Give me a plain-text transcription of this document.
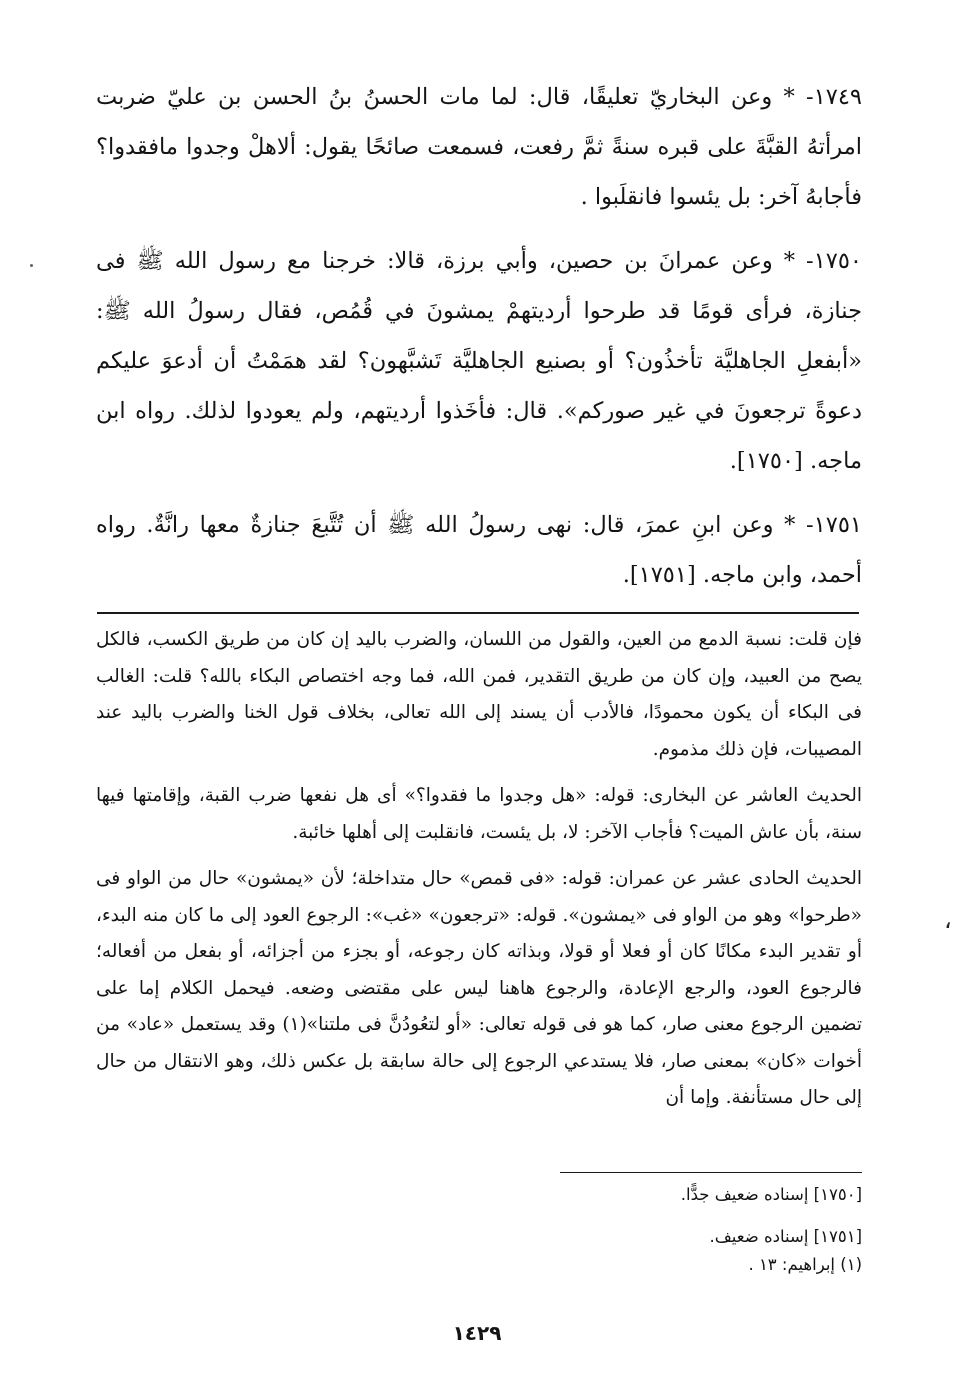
،

١٧٤٩- * وعن البخاريّ تعليقًا، قال: لما مات الحسنُ بنُ الحسن بن عليّ ضربت امرأتهُ القبَّةَ على قبره سنةً ثمَّ رفعت، فسمعت صائحًا يقول: ألاهلْ وجدوا مافقدوا؟ فأجابهُ آخر: بل يئسوا فانقلَبوا .

١٧٥٠- * وعن عمرانَ بن حصين، وأبي برزة، قالا: خرجنا مع رسول الله ﷺ فى جنازة، فرأى قومًا قد طرحوا أرديتهمْ يمشونَ في قُمُص، فقال رسولُ الله ﷺ: «أبفعلِ الجاهليَّة تأخذُون؟ أو بصنيع الجاهليَّة تَشبَّهون؟ لقد همَمْتُ أن أدعوَ عليكم دعوةً ترجعونَ في غير صوركم». قال: فأخَذوا أرديتهم، ولم يعودوا لذلك. رواه ابن ماجه. [١٧٥٠].

١٧٥١- * وعن ابنِ عمرَ، قال: نهى رسولُ الله ﷺ أن تُتَّبعَ جنازةٌ معها رانَّةٌ. رواه أحمد، وابن ماجه. [١٧٥١].

فإن قلت: نسبة الدمع من العين، والقول من اللسان، والضرب باليد إن كان من طريق الكسب، فالكل يصح من العبيد، وإن كان من طريق التقدير، فمن الله، فما وجه اختصاص البكاء بالله؟ قلت: الغالب فى البكاء أن يكون محمودًا، فالأدب أن يسند إلى الله تعالى، بخلاف قول الخنا والضرب باليد عند المصيبات، فإن ذلك مذموم.

الحديث العاشر عن البخارى: قوله: «هل وجدوا ما فقدوا؟» أى هل نفعها ضرب القبة، وإقامتها فيها سنة، بأن عاش الميت؟ فأجاب الآخر: لا، بل يئست، فانقلبت إلى أهلها خائبة.

الحديث الحادى عشر عن عمران: قوله: «فى قمص» حال متداخلة؛ لأن «يمشون» حال من الواو فى «طرحوا» وهو من الواو فى «يمشون». قوله: «ترجعون» «غب»: الرجوع العود إلى ما كان منه البدء، أو تقدير البدء مكانًا كان أو فعلا أو قولا، وبذاته كان رجوعه، أو بجزء من أجزائه، أو بفعل من أفعاله؛ فالرجوع العود، والرجع الإعادة، والرجوع هاهنا ليس على مقتضى وضعه. فيحمل الكلام إما على تضمين الرجوع معنى صار، كما هو فى قوله تعالى: «أو لتعُودُنَّ فى ملتنا»(١) وقد يستعمل «عاد» من أخوات «كان» بمعنى صار، فلا يستدعي الرجوع إلى حالة سابقة بل عكس ذلك، وهو الانتقال من حال إلى حال مستأنفة. وإما أن

[١٧٥٠] إسناده ضعيف جدًّا.

[١٧٥١] إسناده ضعيف.

(١) إبراهيم: ١٣ .

١٤٢٩
